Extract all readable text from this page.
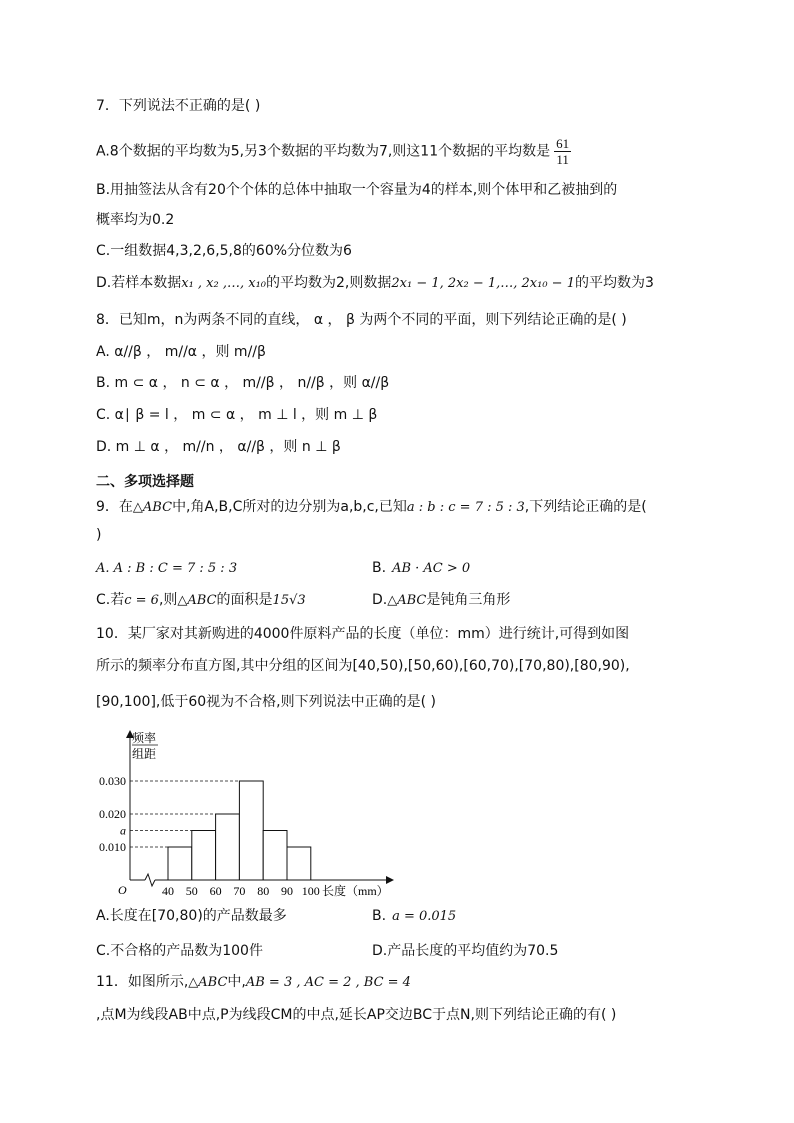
7．下列说法不正确的是( )
A.8个数据的平均数为5,另3个数据的平均数为7,则这11个数据的平均数是 $\frac{61}{11}$
B.用抽签法从含有20个个体的总体中抽取一个容量为4的样本,则个体甲和乙被抽到的
概率均为0.2
C.一组数据4,3,2,6,5,8的60%分位数为6
D.若样本数据x₁ , x₂ ,…, x₁₀的平均数为2,则数据2x₁ − 1, 2x₂ − 1,…, 2x₁₀ − 1的平均数为3
8．已知m，n为两条不同的直线， α ， β 为两个不同的平面，则下列结论正确的是( )
A. α//β ， m//α ，则 m//β
B. m ⊂ α ， n ⊂ α ， m//β ， n//β ，则 α//β
C. α∣ β = l ， m ⊂ α ， m ⊥ l ，则 m ⊥ β
D. m ⊥ α ， m//n ， α//β ，则 n ⊥ β
二、多项选择题
9．在△ABC中,角A,B,C所对的边分别为a,b,c,已知a : b : c = 7 : 5 : 3,下列结论正确的是(
)
A. A : B : C = 7 : 5 : 3	B. AB · AC > 0
C.若c = 6,则△ABC的面积是15√3	D.△ABC是钝角三角形
10．某厂家对其新购进的4000件原料产品的长度（单位：mm）进行统计,可得到如图
所示的频率分布直方图,其中分组的区间为[40,50),[50,60),[60,70),[70,80),[80,90),
[90,100],低于60视为不合格,则下列说法中正确的是( )
0.010
a
0.020
0.030
40 50 60 70 80 90 100
O
频率
组距
长度（mm）
A.长度在[70,80)的产品数最多	B. a = 0.015
C.不合格的产品数为100件	D.产品长度的平均值约为70.5
11．如图所示,△ABC中,AB = 3 , AC = 2 , BC = 4
,点M为线段AB中点,P为线段CM的中点,延长AP交边BC于点N,则下列结论正确的有( )
